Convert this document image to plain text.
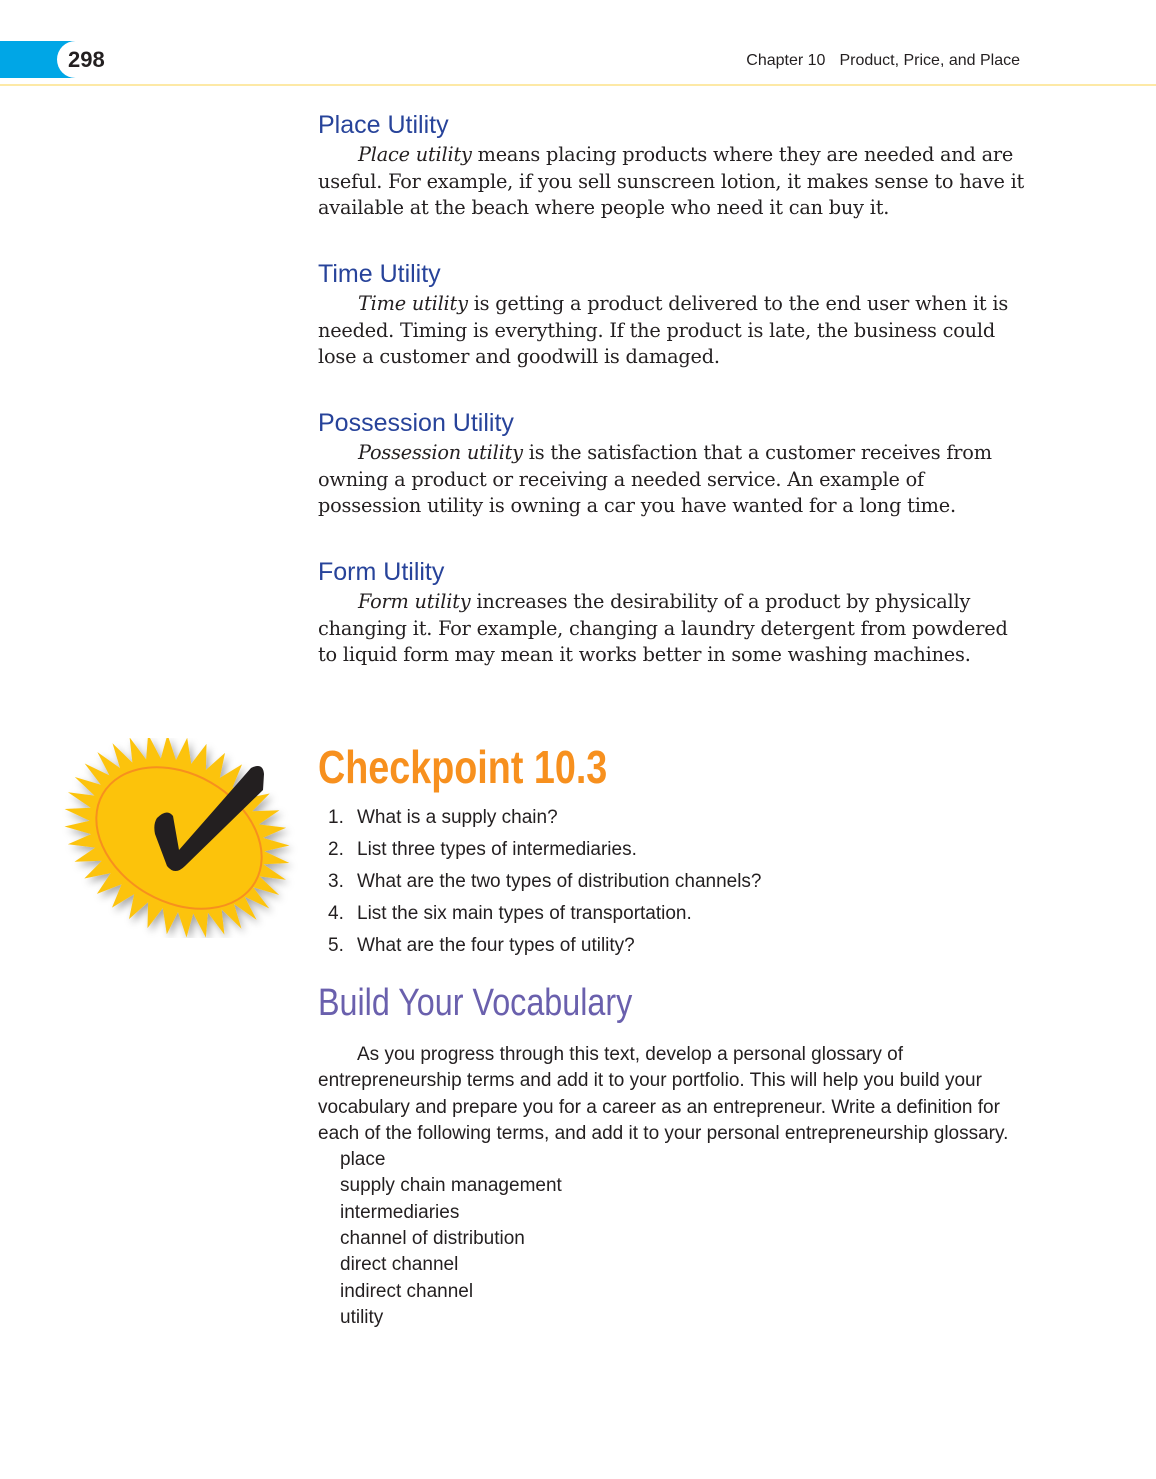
298	Chapter 10 Product, Price, and Place
Place Utility

Place utility means placing products where they are needed and are useful. For example, if you sell sunscreen lotion, it makes sense to have it available at the beach where people who need it can buy it.

Time Utility

Time utility is getting a product delivered to the end user when it is needed. Timing is everything. If the product is late, the business could lose a customer and goodwill is damaged.

Possession Utility

Possession utility is the satisfaction that a customer receives from owning a product or receiving a needed service. An example of possession utility is owning a car you have wanted for a long time.

Form Utility

Form utility increases the desirability of a product by physically changing it. For example, changing a laundry detergent from powdered to liquid form may mean it works better in some washing machines.

Checkpoint 10.3
1. What is a supply chain?
2. List three types of intermediaries.
3. What are the two types of distribution channels?
4. List the six main types of transportation.
5. What are the four types of utility?
Build Your Vocabulary

As you progress through this text, develop a personal glossary of entrepreneurship terms and add it to your portfolio. This will help you build your vocabulary and prepare you for a career as an entrepreneur. Write a definition for each of the following terms, and add it to your personal entrepreneurship glossary.

place
supply chain management
intermediaries
channel of distribution
direct channel
indirect channel
utility
